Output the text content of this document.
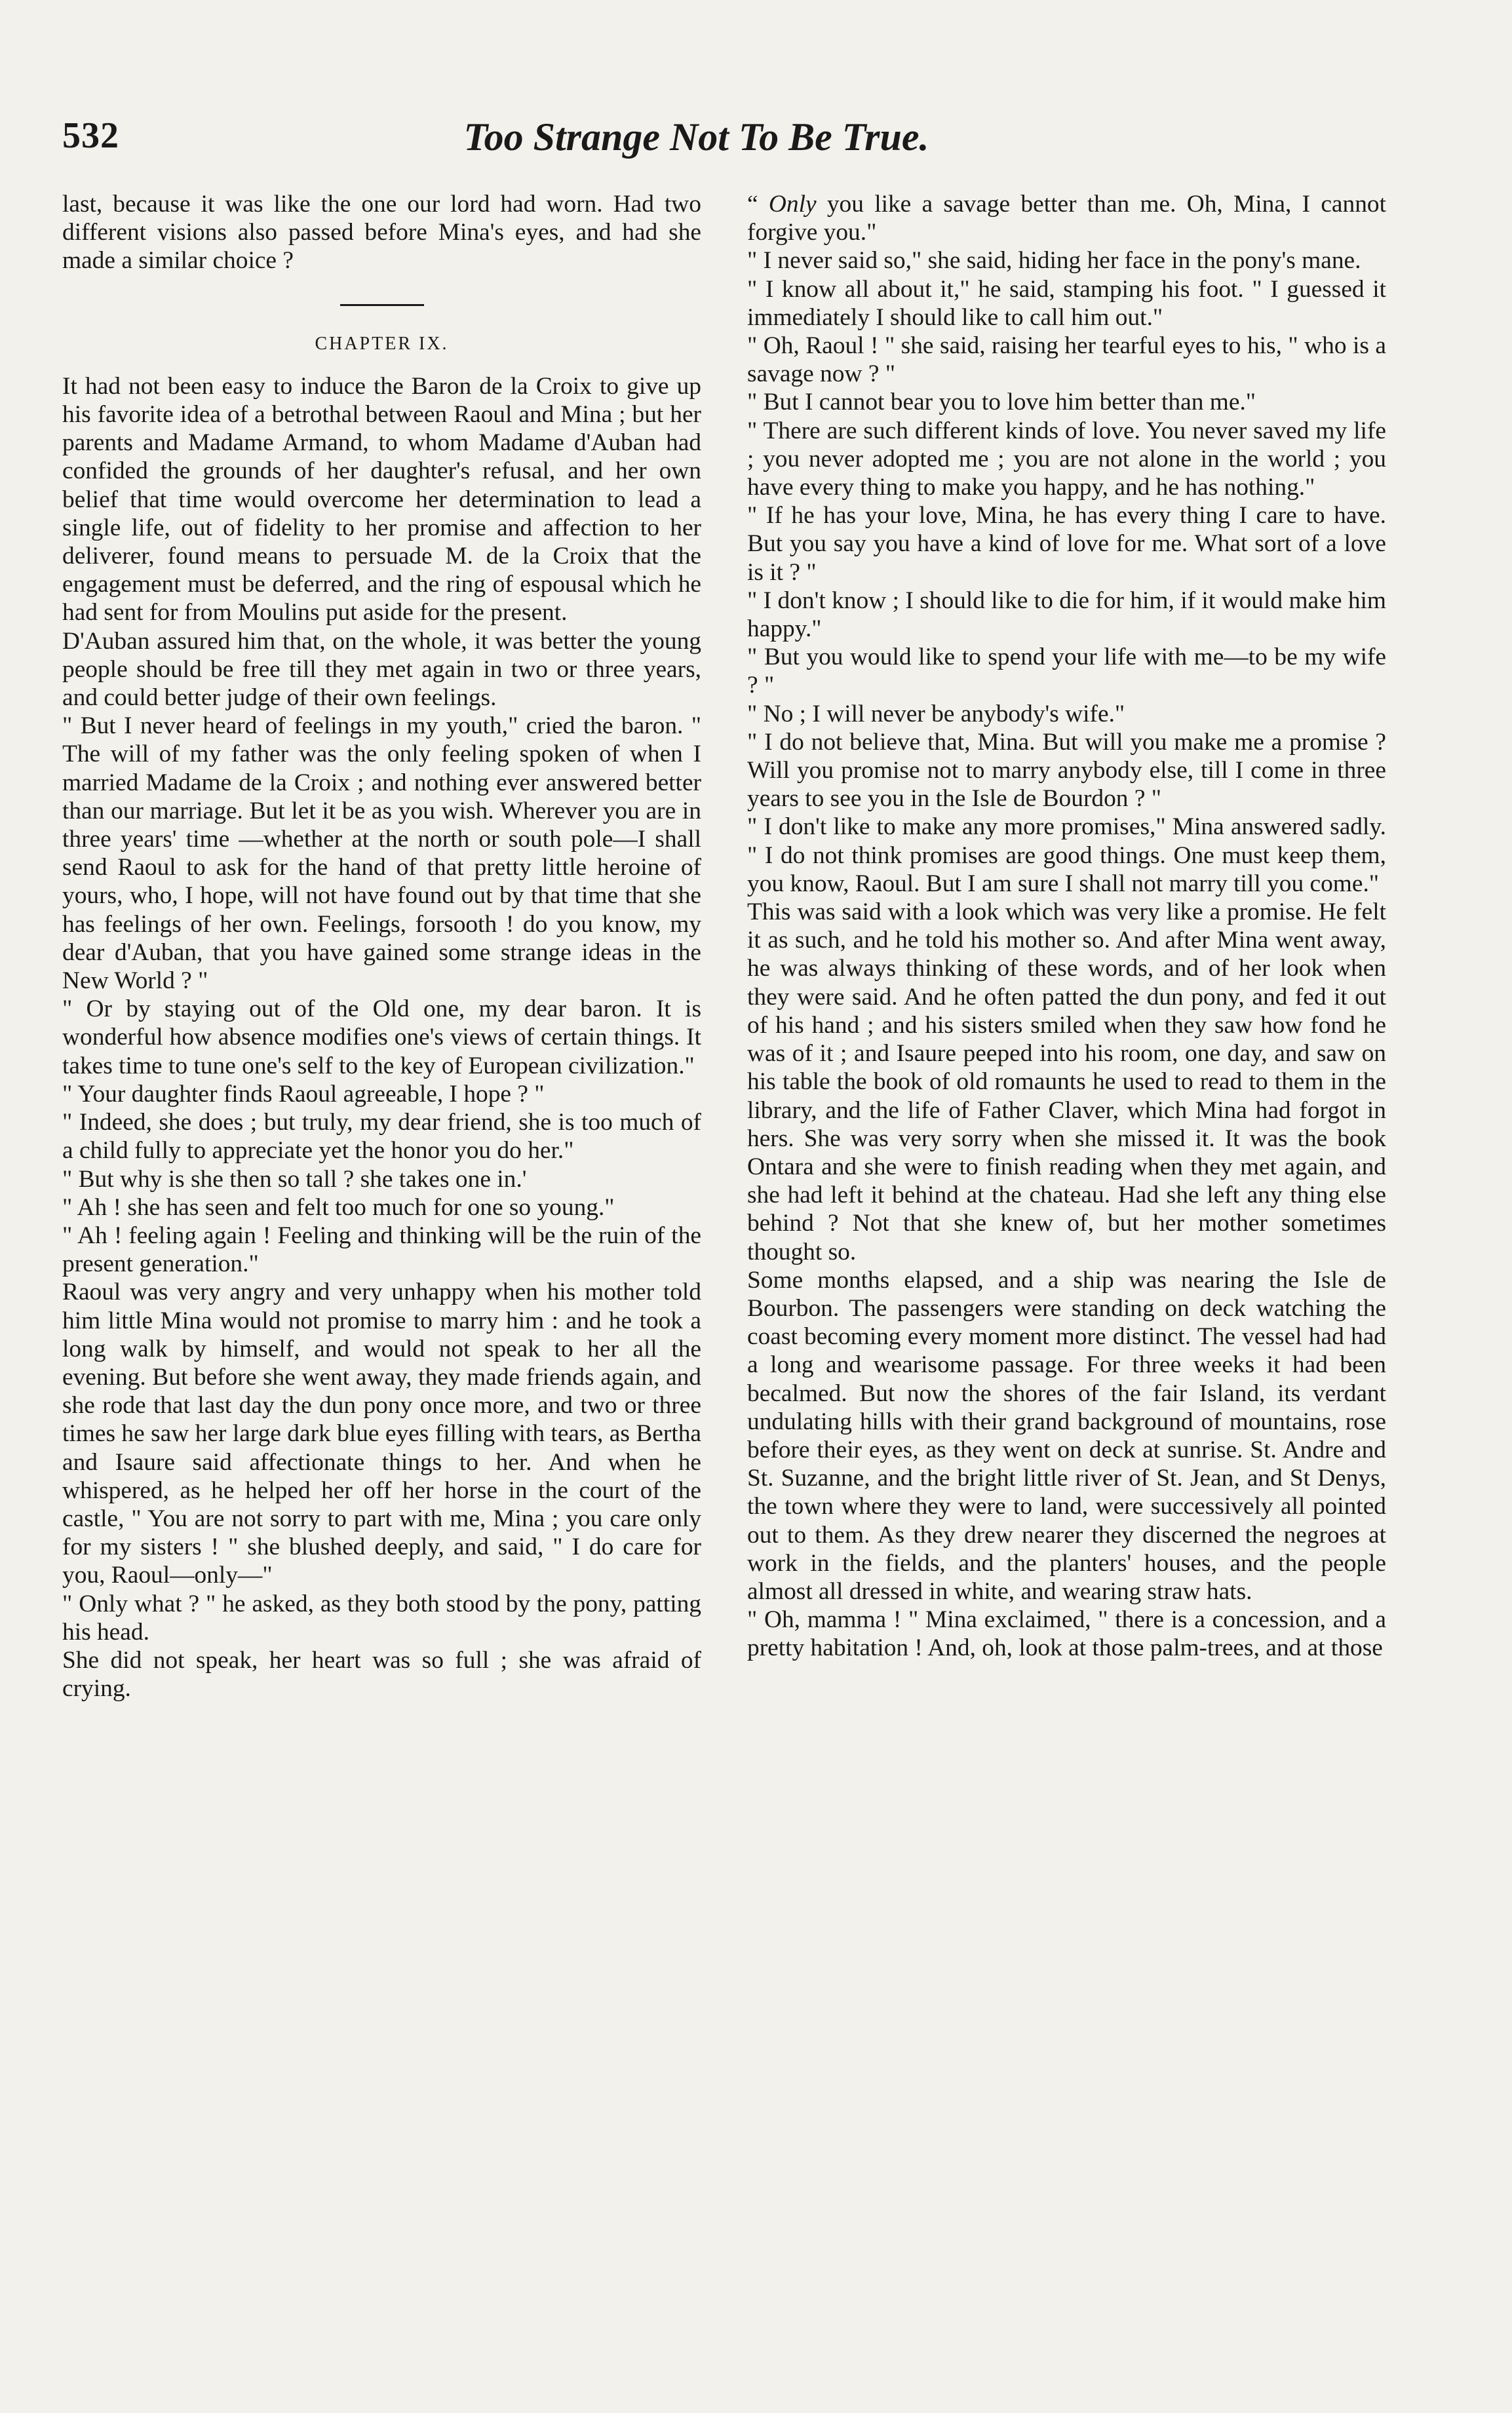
532	Too Strange Not To Be True.

last, because it was like the one our lord had worn. Had two different visions also passed before Mina's eyes, and had she made a similar choice ?

CHAPTER IX.

It had not been easy to induce the Baron de la Croix to give up his favorite idea of a betrothal between Raoul and Mina ; but her parents and Madame Armand, to whom Madame d'Auban had confided the grounds of her daughter's refusal, and her own belief that time would overcome her determination to lead a single life, out of fidelity to her promise and affection to her deliverer, found means to persuade M. de la Croix that the engagement must be deferred, and the ring of espousal which he had sent for from Moulins put aside for the present.

D'Auban assured him that, on the whole, it was better the young people should be free till they met again in two or three years, and could better judge of their own feelings.

" But I never heard of feelings in my youth," cried the baron. " The will of my father was the only feeling spoken of when I married Madame de la Croix ; and nothing ever answered better than our marriage. But let it be as you wish. Wherever you are in three years' time —whether at the north or south pole—I shall send Raoul to ask for the hand of that pretty little heroine of yours, who, I hope, will not have found out by that time that she has feelings of her own. Feelings, forsooth ! do you know, my dear d'Auban, that you have gained some strange ideas in the New World ? "

" Or by staying out of the Old one, my dear baron. It is wonderful how absence modifies one's views of certain things. It takes time to tune one's self to the key of European civilization."

" Your daughter finds Raoul agreeable, I hope ? "

" Indeed, she does ; but truly, my dear friend, she is too much of a child fully to appreciate yet the honor you do her."

" But why is she then so tall ? she takes one in.'

" Ah ! she has seen and felt too much for one so young."

" Ah ! feeling again ! Feeling and thinking will be the ruin of the present generation."

Raoul was very angry and very unhappy when his mother told him little Mina would not promise to marry him : and he took a long walk by himself, and would not speak to her all the evening. But before she went away, they made friends again, and she rode that last day the dun pony once more, and two or three times he saw her large dark blue eyes filling with tears, as Bertha and Isaure said affectionate things to her. And when he whispered, as he helped her off her horse in the court of the castle, " You are not sorry to part with me, Mina ; you care only for my sisters ! " she blushed deeply, and said, " I do care for you, Raoul—only—"

" Only what ? " he asked, as they both stood by the pony, patting his head.

She did not speak, her heart was so full ; she was afraid of crying.

“ Only you like a savage better than me. Oh, Mina, I cannot forgive you."

" I never said so," she said, hiding her face in the pony's mane.

" I know all about it," he said, stamping his foot. " I guessed it immediately I should like to call him out."

" Oh, Raoul ! " she said, raising her tearful eyes to his, " who is a savage now ? "

" But I cannot bear you to love him better than me."

" There are such different kinds of love. You never saved my life ; you never adopted me ; you are not alone in the world ; you have every thing to make you happy, and he has nothing."

" If he has your love, Mina, he has every thing I care to have. But you say you have a kind of love for me. What sort of a love is it ? "

" I don't know ; I should like to die for him, if it would make him happy."

" But you would like to spend your life with me—to be my wife ? "

" No ; I will never be anybody's wife."

" I do not believe that, Mina. But will you make me a promise ? Will you promise not to marry anybody else, till I come in three years to see you in the Isle de Bourdon ? "

" I don't like to make any more promises," Mina answered sadly. " I do not think promises are good things. One must keep them, you know, Raoul. But I am sure I shall not marry till you come."

This was said with a look which was very like a promise. He felt it as such, and he told his mother so. And after Mina went away, he was always thinking of these words, and of her look when they were said. And he often patted the dun pony, and fed it out of his hand ; and his sisters smiled when they saw how fond he was of it ; and Isaure peeped into his room, one day, and saw on his table the book of old romaunts he used to read to them in the library, and the life of Father Claver, which Mina had forgot in hers. She was very sorry when she missed it. It was the book Ontara and she were to finish reading when they met again, and she had left it behind at the chateau. Had she left any thing else behind ? Not that she knew of, but her mother sometimes thought so.

Some months elapsed, and a ship was nearing the Isle de Bourbon. The passengers were standing on deck watching the coast becoming every moment more distinct. The vessel had had a long and wearisome passage. For three weeks it had been becalmed. But now the shores of the fair Island, its verdant undulating hills with their grand background of mountains, rose before their eyes, as they went on deck at sunrise. St. Andre and St. Suzanne, and the bright little river of St. Jean, and St Denys, the town where they were to land, were successively all pointed out to them. As they drew nearer they discerned the negroes at work in the fields, and the planters' houses, and the people almost all dressed in white, and wearing straw hats.

" Oh, mamma ! " Mina exclaimed, " there is a concession, and a pretty habitation ! And, oh, look at those palm-trees, and at those
